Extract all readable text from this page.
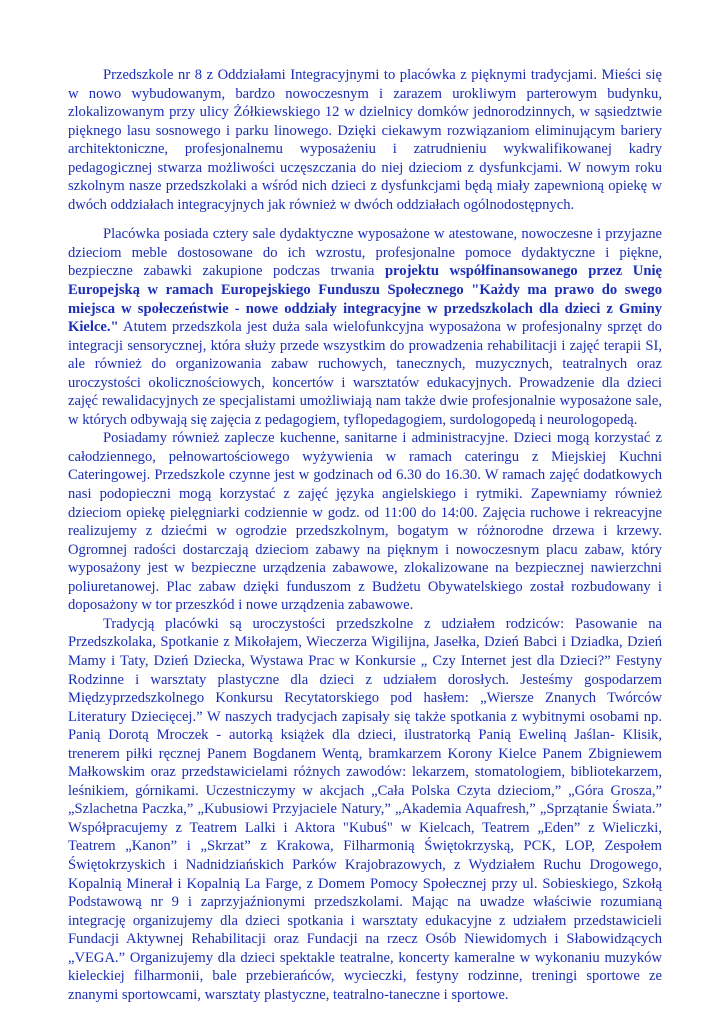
Przedszkole nr 8 z Oddziałami Integracyjnymi to placówka z pięknymi tradycjami. Mieści się w nowo wybudowanym, bardzo nowoczesnym i zarazem urokliwym parterowym budynku, zlokalizowanym przy ulicy Żółkiewskiego 12 w dzielnicy domków jednorodzinnych, w sąsiedztwie pięknego lasu sosnowego i parku linowego. Dzięki ciekawym rozwiązaniom eliminującym bariery architektoniczne, profesjonalnemu wyposażeniu i zatrudnieniu wykwalifikowanej kadry pedagogicznej stwarza możliwości uczęszczania do niej dzieciom z dysfunkcjami. W nowym roku szkolnym nasze przedszkolaki a wśród nich dzieci z dysfunkcjami będą miały zapewnioną opiekę w dwóch oddziałach integracyjnych jak również w dwóch oddziałach ogólnodostępnych.

Placówka posiada cztery sale dydaktyczne wyposażone w atestowane, nowoczesne i przyjazne dzieciom meble dostosowane do ich wzrostu, profesjonalne pomoce dydaktyczne i piękne, bezpieczne zabawki zakupione podczas trwania projektu współfinansowanego przez Unię Europejską w ramach Europejskiego Funduszu Społecznego "Każdy ma prawo do swego miejsca w społeczeństwie - nowe oddziały integracyjne w przedszkolach dla dzieci z Gminy Kielce." Atutem przedszkola jest duża sala wielofunkcyjna wyposażona w profesjonalny sprzęt do integracji sensorycznej, która służy przede wszystkim do prowadzenia rehabilitacji i zajęć terapii SI, ale również do organizowania zabaw ruchowych, tanecznych, muzycznych, teatralnych oraz uroczystości okolicznościowych, koncertów i warsztatów edukacyjnych. Prowadzenie dla dzieci zajęć rewalidacyjnych ze specjalistami umożliwiają nam także dwie profesjonalnie wyposażone sale, w których odbywają się zajęcia z pedagogiem, tyflopedagogiem, surdologopedą i neurologopedą.

Posiadamy również zaplecze kuchenne, sanitarne i administracyjne. Dzieci mogą korzystać z całodziennego, pełnowartościowego wyżywienia w ramach cateringu z Miejskiej Kuchni Cateringowej. Przedszkole czynne jest w godzinach od 6.30 do 16.30. W ramach zajęć dodatkowych nasi podopieczni mogą korzystać z zajęć języka angielskiego i rytmiki. Zapewniamy również dzieciom opiekę pielęgniarki codziennie w godz. od 11:00 do 14:00. Zajęcia ruchowe i rekreacyjne realizujemy z dziećmi w ogrodzie przedszkolnym, bogatym w różnorodne drzewa i krzewy. Ogromnej radości dostarczają dzieciom zabawy na pięknym i nowoczesnym placu zabaw, który wyposażony jest w bezpieczne urządzenia zabawowe, zlokalizowane na bezpiecznej nawierzchni poliuretanowej. Plac zabaw dzięki funduszom z Budżetu Obywatelskiego został rozbudowany i doposażony w tor przeszkód i nowe urządzenia zabawowe.

Tradycją placówki są uroczystości przedszkolne z udziałem rodziców: Pasowanie na Przedszkolaka, Spotkanie z Mikołajem, Wieczerza Wigilijna, Jasełka, Dzień Babci i Dziadka, Dzień Mamy i Taty, Dzień Dziecka, Wystawa Prac w Konkursie „ Czy Internet jest dla Dzieci?” Festyny Rodzinne i warsztaty plastyczne dla dzieci z udziałem dorosłych. Jesteśmy gospodarzem Międzyprzedszkolnego Konkursu Recytatorskiego pod hasłem: „Wiersze Znanych Twórców Literatury Dziecięcej.” W naszych tradycjach zapisały się także spotkania z wybitnymi osobami np. Panią Dorotą Mroczek - autorką książek dla dzieci, ilustratorką Panią Eweliną Jaślan- Klisik, trenerem piłki ręcznej Panem Bogdanem Wentą, bramkarzem Korony Kielce Panem Zbigniewem Małkowskim oraz przedstawicielami różnych zawodów: lekarzem, stomatologiem, bibliotekarzem, leśnikiem, górnikami. Uczestniczymy w akcjach „Cała Polska Czyta dzieciom,” „Góra Grosza,” „Szlachetna Paczka,” „Kubusiowi Przyjaciele Natury,” „Akademia Aquafresh,” „Sprzątanie Świata.” Współpracujemy z Teatrem Lalki i Aktora "Kubuś" w Kielcach, Teatrem „Eden” z Wieliczki, Teatrem „Kanon” i „Skrzat” z Krakowa, Filharmonią Świętokrzyską, PCK, LOP, Zespołem Świętokrzyskich i Nadnidziańskich Parków Krajobrazowych, z Wydziałem Ruchu Drogowego, Kopalnią Minerał i Kopalnią La Farge, z Domem Pomocy Społecznej przy ul. Sobieskiego, Szkołą Podstawową nr 9 i zaprzyjaźnionymi przedszkolami. Mając na uwadze właściwie rozumianą integrację organizujemy dla dzieci spotkania i warsztaty edukacyjne z udziałem przedstawicieli Fundacji Aktywnej Rehabilitacji oraz Fundacji na rzecz Osób Niewidomych i Słabowidzących „VEGA.” Organizujemy dla dzieci spektakle teatralne, koncerty kameralne w wykonaniu muzyków kieleckiej filharmonii, bale przebierańców, wycieczki, festyny rodzinne, treningi sportowe ze znanymi sportowcami, warsztaty plastyczne, teatralno-taneczne i sportowe.
